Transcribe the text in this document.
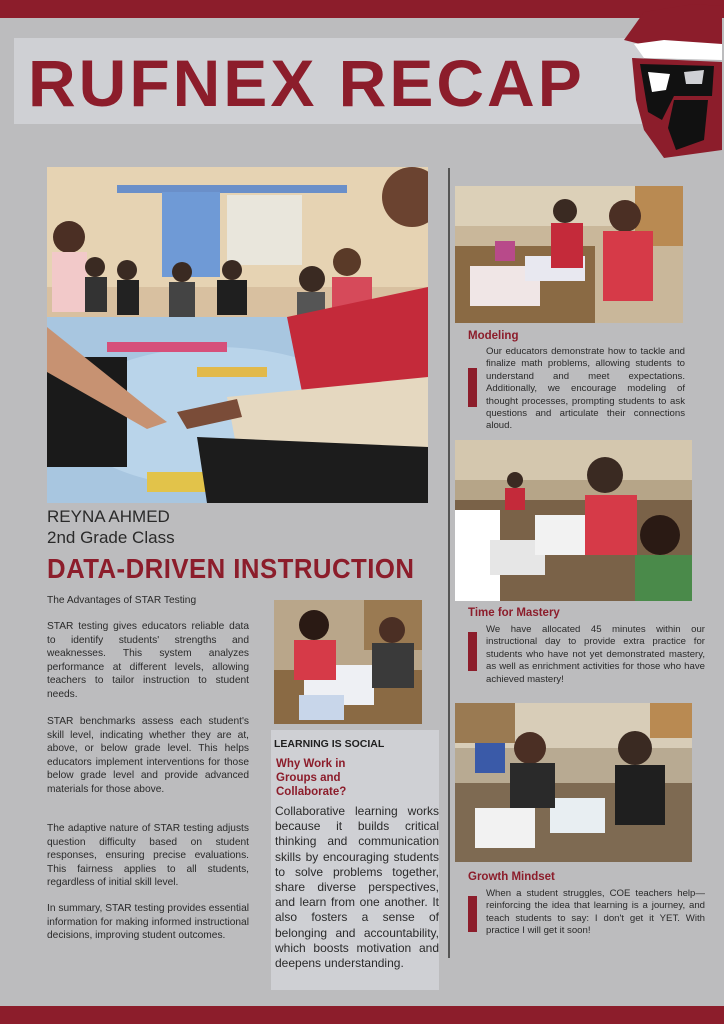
RUFNEX RECAP
REYNA AHMED
2nd Grade Class
DATA-DRIVEN INSTRUCTION
The Advantages of STAR Testing
STAR testing gives educators reliable data to identify students' strengths and weaknesses. This system analyzes performance at different levels, allowing teachers to tailor instruction to student needs.
STAR benchmarks assess each student's skill level, indicating whether they are at, above, or below grade level. This helps educators implement interventions for those below grade level and provide advanced materials for those above.
The adaptive nature of STAR testing adjusts question difficulty based on student responses, ensuring precise evaluations. This fairness applies to all students, regardless of initial skill level.
In summary, STAR testing provides essential information for making informed instructional decisions, improving student outcomes.
LEARNING IS SOCIAL
Why Work in Groups and Collaborate?
Collaborative learning works because it builds critical thinking and communication skills by encouraging students to solve problems together, share diverse perspectives, and learn from one another. It also fosters a sense of belonging and accountability, which boosts motivation and deepens understanding.
Modeling
Our educators demonstrate how to tackle and finalize math problems, allowing students to understand and meet expectations. Additionally, we encourage modeling of thought processes, prompting students to ask questions and articulate their connections aloud.
Time for Mastery
We have allocated 45 minutes within our instructional day to provide extra practice for students who have not yet demonstrated mastery, as well as enrichment activities for those who have achieved mastery!
Growth Mindset
When a student struggles, COE teachers help—reinforcing the idea that learning is a journey, and teach students to say: I don't get it YET. With practice I will get it soon!
